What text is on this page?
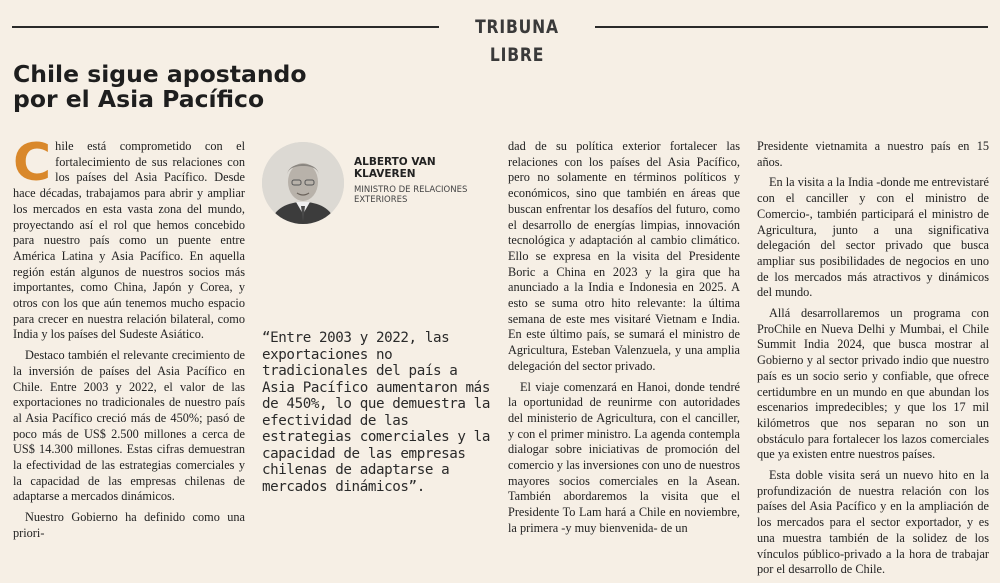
TRIBUNA LIBRE
Chile sigue apostando por el Asia Pacífico

Chile está comprometido con el fortalecimiento de sus relaciones con los países del Asia Pacífico. Desde hace décadas, trabajamos para abrir y ampliar los mercados en esta vasta zona del mundo, proyectando así el rol que hemos concebido para nuestro país como un puente entre América Latina y Asia Pacífico. En aquella región están algunos de nuestros socios más importantes, como China, Japón y Corea, y otros con los que aún tenemos mucho espacio para crecer en nuestra relación bilateral, como India y los países del Sudeste Asiático.

Destaco también el relevante crecimiento de la inversión de países del Asia Pacífico en Chile. Entre 2003 y 2022, el valor de las exportaciones no tradicionales de nuestro país al Asia Pacífico creció más de 450%; pasó de poco más de US$ 2.500 millones a cerca de US$ 14.300 millones. Estas cifras demuestran la efectividad de las estrategias comerciales y la capacidad de las empresas chilenas de adaptarse a mercados dinámicos.

Nuestro Gobierno ha definido como una priori-

ALBERTO VAN KLAVEREN
MINISTRO DE RELACIONES EXTERIORES
“Entre 2003 y 2022, las exportaciones no tradicionales del país a Asia Pacífico aumentaron más de 450%, lo que demuestra la efectividad de las estrategias comerciales y la capacidad de las empresas chilenas de adaptarse a mercados dinámicos”.

dad de su política exterior fortalecer las relaciones con los países del Asia Pacífico, pero no solamente en términos políticos y económicos, sino que también en áreas que buscan enfrentar los desafíos del futuro, como el desarrollo de energías limpias, innovación tecnológica y adaptación al cambio climático. Ello se expresa en la visita del Presidente Boric a China en 2023 y la gira que ha anunciado a la India e Indonesia en 2025. A esto se suma otro hito relevante: la última semana de este mes visitaré Vietnam e India. En este último país, se sumará el ministro de Agricultura, Esteban Valenzuela, y una amplia delegación del sector privado.

El viaje comenzará en Hanoi, donde tendré la oportunidad de reunirme con autoridades del ministerio de Agricultura, con el canciller, y con el primer ministro. La agenda contempla dialogar sobre iniciativas de promoción del comercio y las inversiones con uno de nuestros mayores socios comerciales en la Asean. También abordaremos la visita que el Presidente To Lam hará a Chile en noviembre, la primera -y muy bienvenida- de un

Presidente vietnamita a nuestro país en 15 años.

En la visita a la India -donde me entrevistaré con el canciller y con el ministro de Comercio-, también participará el ministro de Agricultura, junto a una significativa delegación del sector privado que busca ampliar sus posibilidades de negocios en uno de los mercados más atractivos y dinámicos del mundo.

Allá desarrollaremos un programa con ProChile en Nueva Delhi y Mumbai, el Chile Summit India 2024, que busca mostrar al Gobierno y al sector privado indio que nuestro país es un socio serio y confiable, que ofrece certidumbre en un mundo en que abundan los escenarios impredecibles; y que los 17 mil kilómetros que nos separan no son un obstáculo para fortalecer los lazos comerciales que ya existen entre nuestros países.

Esta doble visita será un nuevo hito en la profundización de nuestra relación con los países del Asia Pacífico y en la ampliación de los mercados para el sector exportador, y es una muestra también de la solidez de los vínculos público-privado a la hora de trabajar por el desarrollo de Chile.
